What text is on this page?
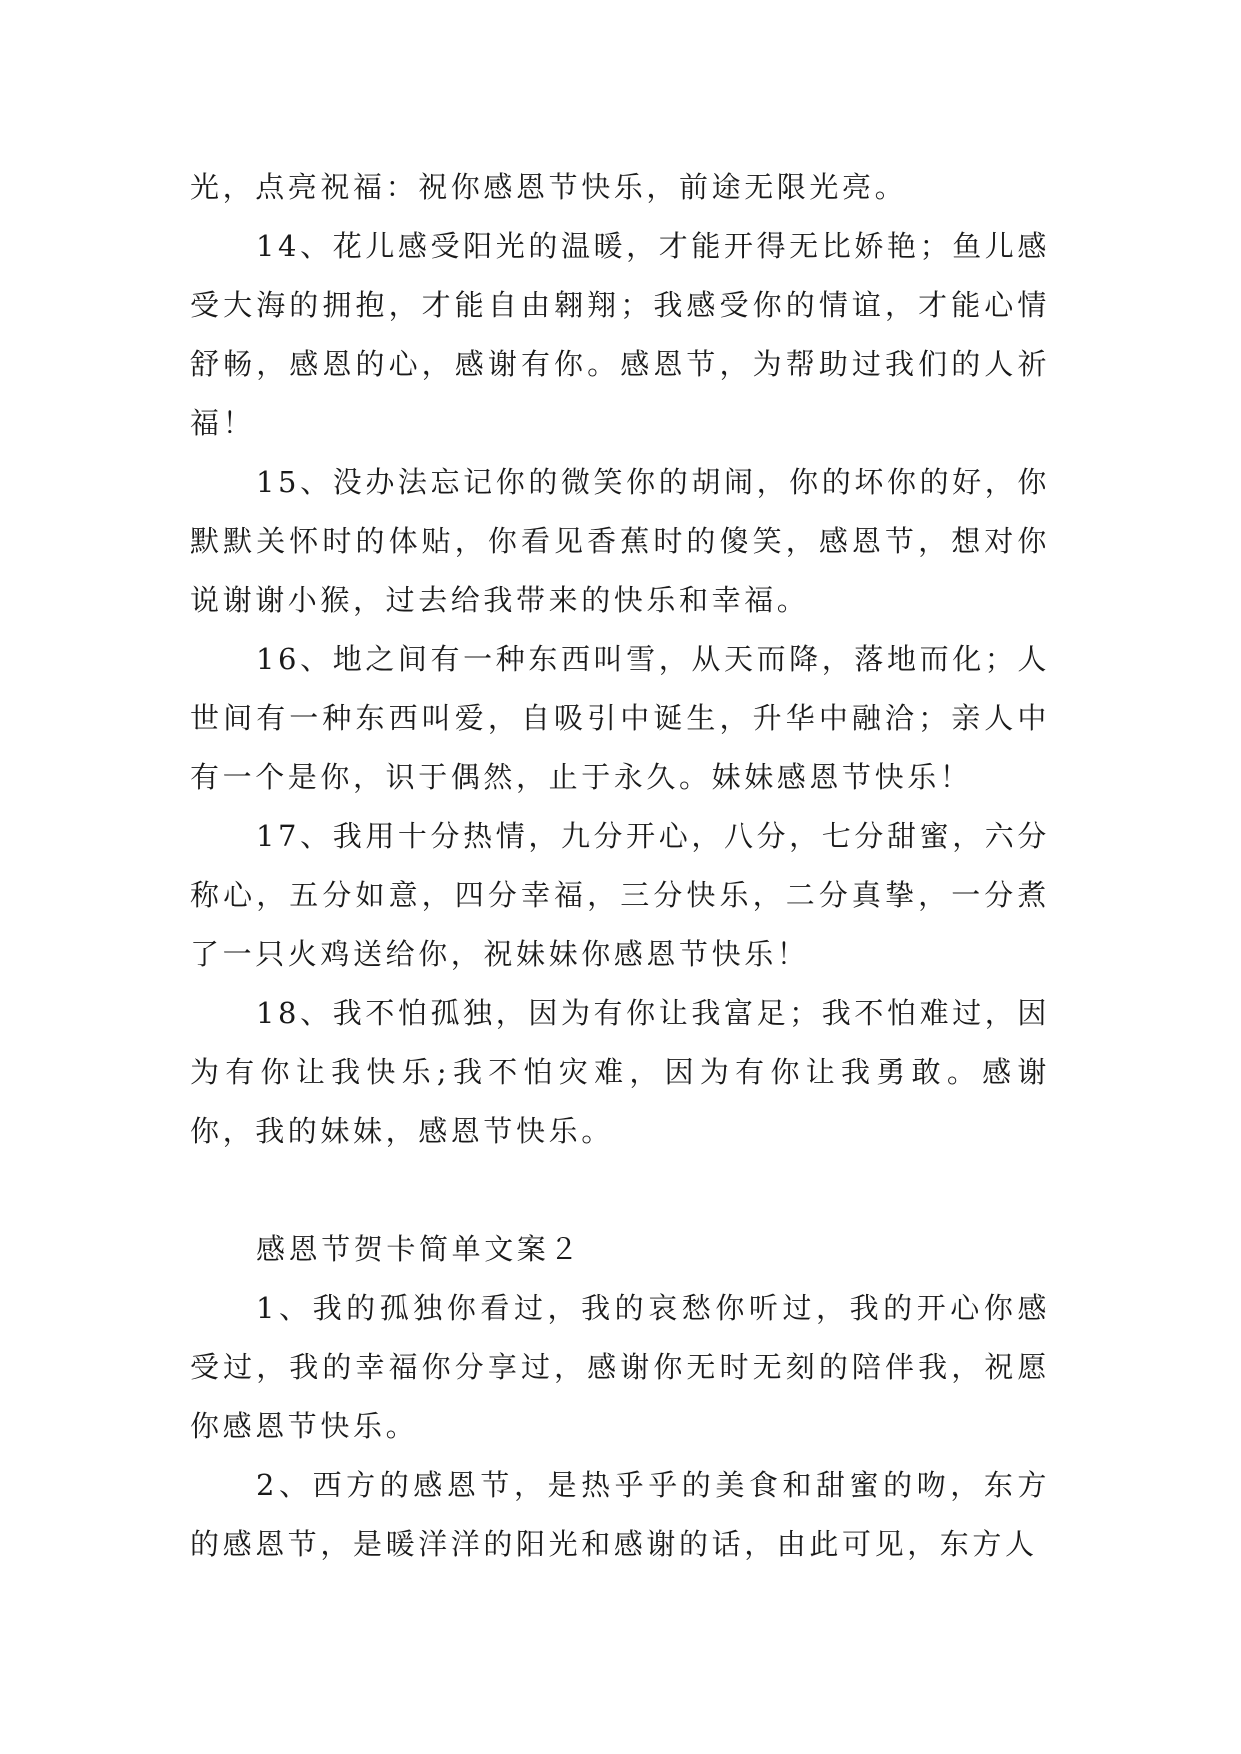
光，点亮祝福：祝你感恩节快乐，前途无限光亮。

14、花儿感受阳光的温暖，才能开得无比娇艳；鱼儿感受大海的拥抱，才能自由翱翔；我感受你的情谊，才能心情舒畅，感恩的心，感谢有你。感恩节，为帮助过我们的人祈福！

15、没办法忘记你的微笑你的胡闹，你的坏你的好，你默默关怀时的体贴，你看见香蕉时的傻笑，感恩节，想对你说谢谢小猴，过去给我带来的快乐和幸福。

16、地之间有一种东西叫雪，从天而降，落地而化；人世间有一种东西叫爱，自吸引中诞生，升华中融洽；亲人中有一个是你，识于偶然，止于永久。妹妹感恩节快乐！

17、我用十分热情，九分开心，八分，七分甜蜜，六分称心，五分如意，四分幸福，三分快乐，二分真挚，一分煮了一只火鸡送给你，祝妹妹你感恩节快乐！

18、我不怕孤独，因为有你让我富足；我不怕难过，因为有你让我快乐;我不怕灾难，因为有你让我勇敢。感谢你，我的妹妹，感恩节快乐。

感恩节贺卡简单文案２

1、我的孤独你看过，我的哀愁你听过，我的开心你感受过，我的幸福你分享过，感谢你无时无刻的陪伴我，祝愿你感恩节快乐。

2、西方的感恩节，是热乎乎的美食和甜蜜的吻，东方的感恩节，是暖洋洋的阳光和感谢的话，由此可见，东方人
